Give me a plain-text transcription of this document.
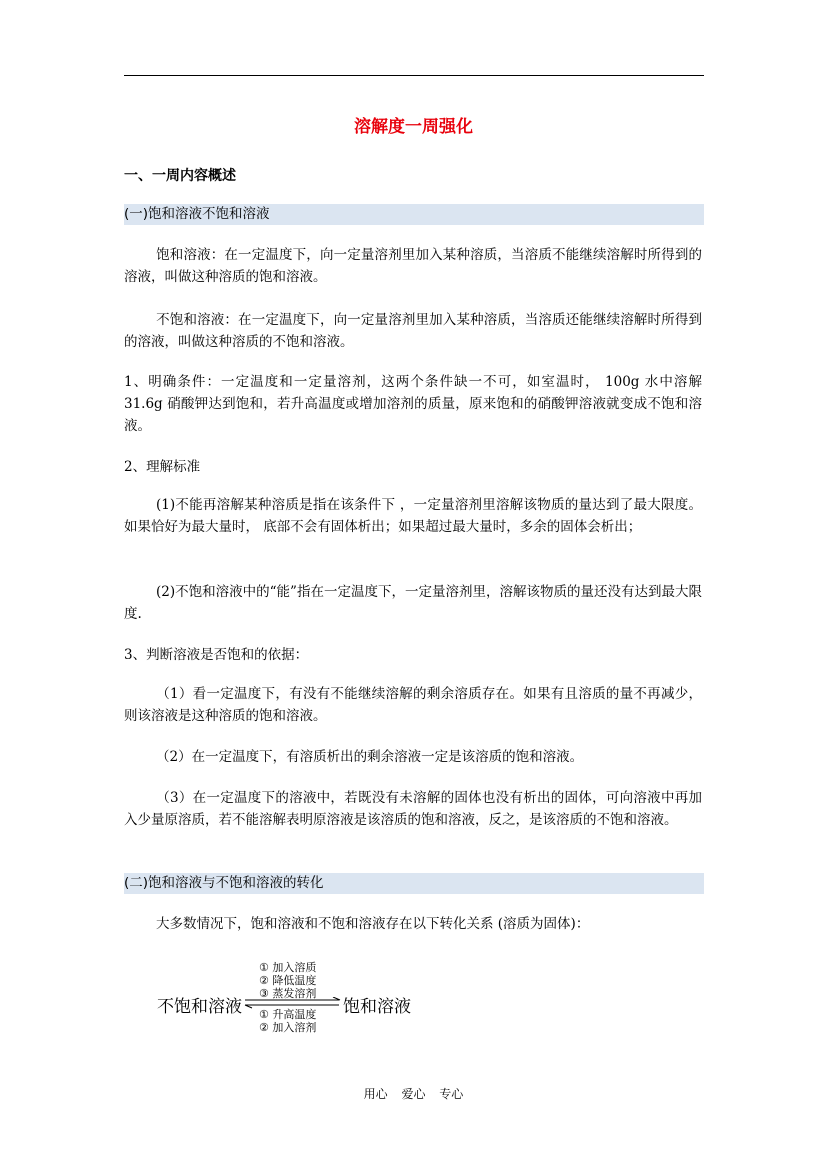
溶解度一周强化
一、一周内容概述
(一)饱和溶液不饱和溶液
饱和溶液：在一定温度下，向一定量溶剂里加入某种溶质，当溶质不能继续溶解时所得到的溶液，叫做这种溶质的饱和溶液。
不饱和溶液：在一定温度下，向一定量溶剂里加入某种溶质，当溶质还能继续溶解时所得到的溶液，叫做这种溶质的不饱和溶液。
1、明确条件：一定温度和一定量溶剂，这两个条件缺一不可，如室温时， 100g 水中溶解 31.6g 硝酸钾达到饱和，若升高温度或增加溶剂的质量，原来饱和的硝酸钾溶液就变成不饱和溶液。
2、理解标准
(1)不能再溶解某种溶质是指在该条件下 ，一定量溶剂里溶解该物质的量达到了最大限度。如果恰好为最大量时， 底部不会有固体析出；如果超过最大量时，多余的固体会析出；
(2)不饱和溶液中的“能”指在一定温度下，一定量溶剂里，溶解该物质的量还没有达到最大限度.
3、判断溶液是否饱和的依据：
（1）看一定温度下，有没有不能继续溶解的剩余溶质存在。如果有且溶质的量不再减少，则该溶液是这种溶质的饱和溶液。
（2）在一定温度下，有溶质析出的剩余溶液一定是该溶质的饱和溶液。
（3）在一定温度下的溶液中，若既没有未溶解的固体也没有析出的固体，可向溶液中再加入少量原溶质，若不能溶解表明原溶液是该溶质的饱和溶液，反之，是该溶质的不饱和溶液。
(二)饱和溶液与不饱和溶液的转化
大多数情况下，饱和溶液和不饱和溶液存在以下转化关系 (溶质为固体)：
不饱和溶液
① 加入溶质
② 降低温度
③ 蒸发溶剂
① 升高温度
② 加入溶剂
饱和溶液
用心 爱心 专心
